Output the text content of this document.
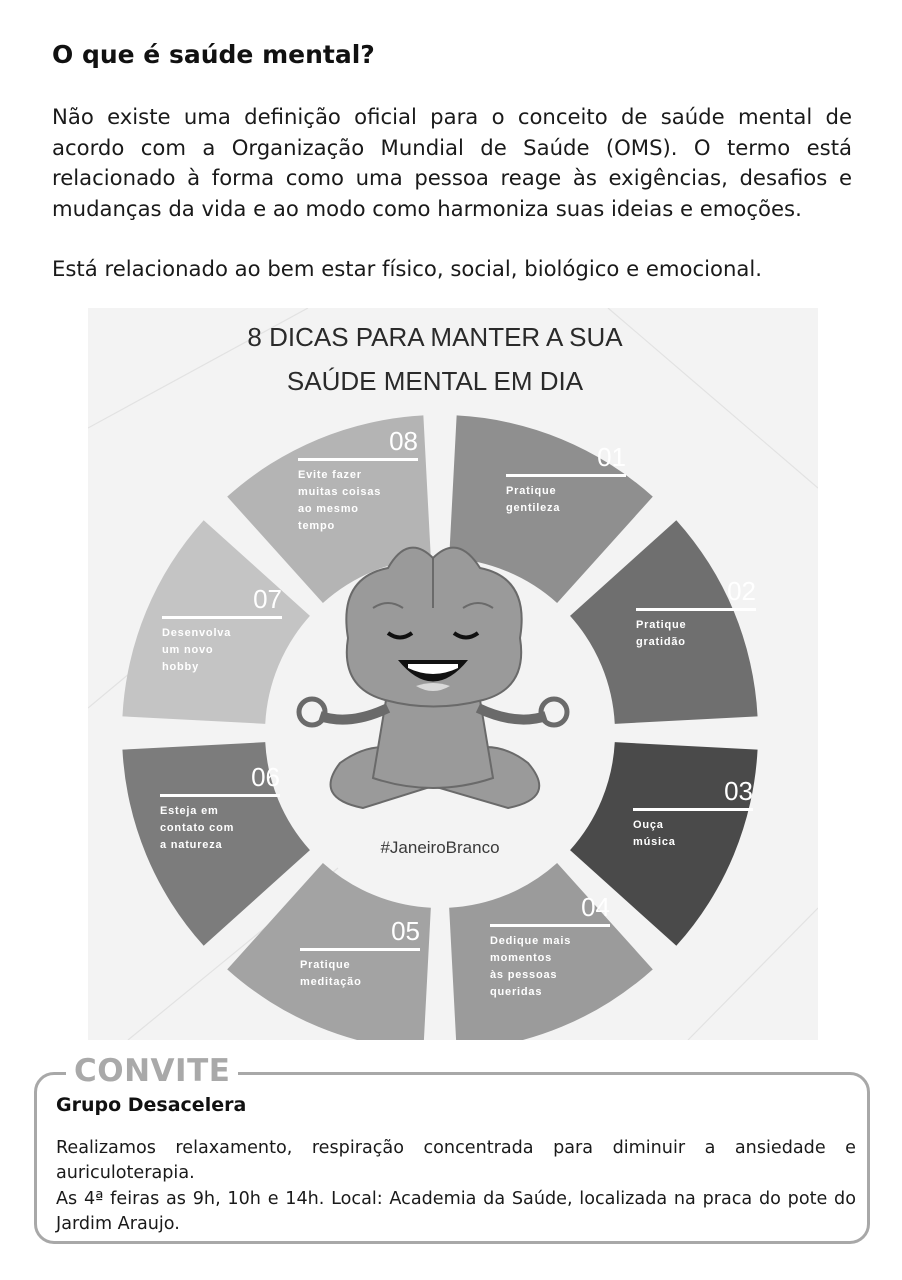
O que é saúde mental?

Não existe uma definição oficial para o conceito de saúde mental de acordo com a Organização Mundial de Saúde (OMS). O termo está relacionado à forma como uma pessoa reage às exigências, desafios e mudanças da vida e ao modo como harmoniza suas ideias e emoções.

Está relacionado ao bem estar físico, social, biológico e emocional.

8 DICAS PARA MANTER A SUA
SAÚDE MENTAL EM DIA
01
Pratique
gentileza
02
Pratique
gratidão
03
Ouça
música
04
Dedique mais
momentos
às pessoas
queridas
05
Pratique
meditação
06
Esteja em
contato com
a natureza
07
Desenvolva
um novo
hobby
08
Evite fazer
muitas coisas
ao mesmo
tempo
#JaneiroBranco
CONVITE
Grupo Desacelera

Realizamos relaxamento, respiração concentrada para diminuir a ansiedade e auriculoterapia.

As 4ª feiras as 9h, 10h e 14h. Local: Academia da Saúde, localizada na praca do pote do Jardim Araujo.
